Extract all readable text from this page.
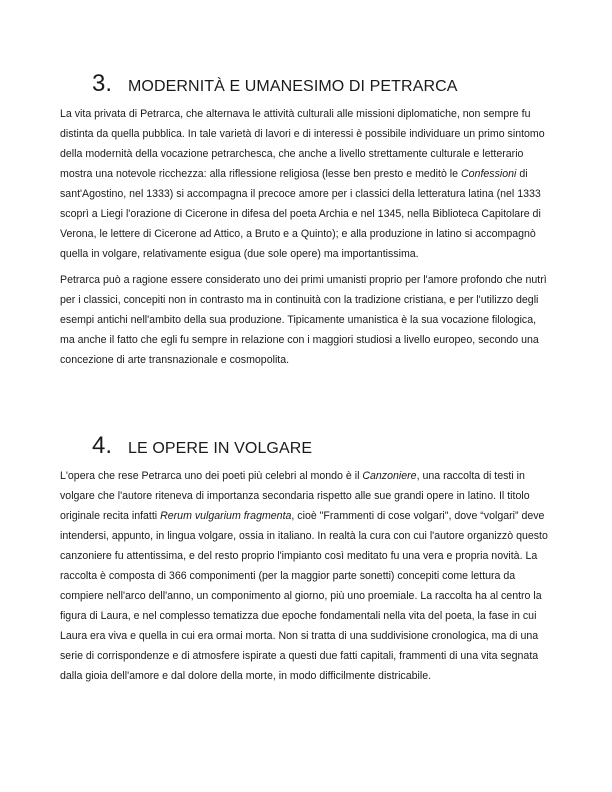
3. MODERNITÀ E UMANESIMO DI PETRARCA

La vita privata di Petrarca, che alternava le attività culturali alle missioni diplomatiche, non sempre fu distinta da quella pubblica. In tale varietà di lavori e di interessi è possibile individuare un primo sintomo della modernità della vocazione petrarchesca, che anche a livello strettamente culturale e letterario mostra una notevole ricchezza: alla riflessione religiosa (lesse ben presto e meditò le Confessioni di sant'Agostino, nel 1333) si accompagna il precoce amore per i classici della letteratura latina (nel 1333 scoprì a Liegi l'orazione di Cicerone in difesa del poeta Archia e nel 1345, nella Biblioteca Capitolare di Verona, le lettere di Cicerone ad Attico, a Bruto e a Quinto); e alla produzione in latino si accompagnò quella in volgare, relativamente esigua (due sole opere) ma importantissima.

Petrarca può a ragione essere considerato uno dei primi umanisti proprio per l'amore profondo che nutrì per i classici, concepiti non in contrasto ma in continuità con la tradizione cristiana, e per l'utilizzo degli esempi antichi nell'ambito della sua produzione. Tipicamente umanistica è la sua vocazione filologica, ma anche il fatto che egli fu sempre in relazione con i maggiori studiosi a livello europeo, secondo una concezione di arte transnazionale e cosmopolita.

4. LE OPERE IN VOLGARE

L'opera che rese Petrarca uno dei poeti più celebri al mondo è il Canzoniere, una raccolta di testi in volgare che l'autore riteneva di importanza secondaria rispetto alle sue grandi opere in latino. Il titolo originale recita infatti Rerum vulgarium fragmenta, cioè "Frammenti di cose volgari", dove “volgari” deve intendersi, appunto, in lingua volgare, ossia in italiano. In realtà la cura con cui l'autore organizzò questo canzoniere fu attentissima, e del resto proprio l'impianto così meditato fu una vera e propria novità. La raccolta è composta di 366 componimenti (per la maggior parte sonetti) concepiti come lettura da compiere nell'arco dell'anno, un componimento al giorno, più uno proemiale. La raccolta ha al centro la figura di Laura, e nel complesso tematizza due epoche fondamentali nella vita del poeta, la fase in cui Laura era viva e quella in cui era ormai morta. Non si tratta di una suddivisione cronologica, ma di una serie di corrispondenze e di atmosfere ispirate a questi due fatti capitali, frammenti di una vita segnata dalla gioia dell'amore e dal dolore della morte, in modo difficilmente districabile.
